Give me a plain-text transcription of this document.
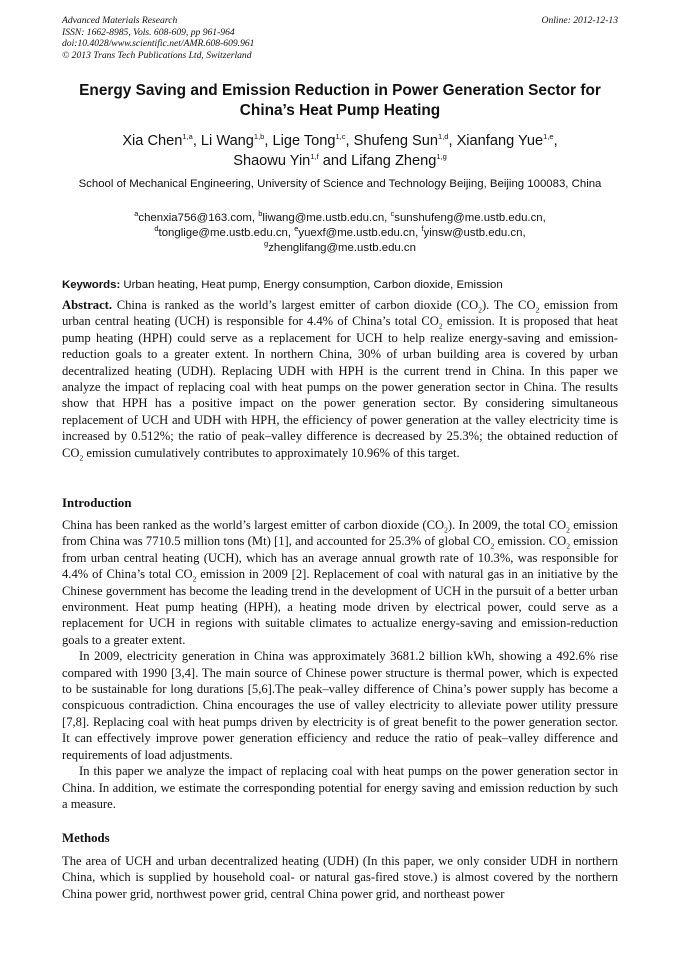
Advanced Materials Research
ISSN: 1662-8985, Vols. 608-609, pp 961-964
doi:10.4028/www.scientific.net/AMR.608-609.961
© 2013 Trans Tech Publications Ltd, Switzerland
Online: 2012-12-13
Energy Saving and Emission Reduction in Power Generation Sector for
China’s Heat Pump Heating
Xia Chen$^{1,a}$, Li Wang$^{1,b}$, Lige Tong$^{1,c}$, Shufeng Sun$^{1,d}$, Xianfang Yue$^{1,e}$,
Shaowu Yin$^{1,f}$ and Lifang Zheng$^{1,g}$
School of Mechanical Engineering, University of Science and Technology Beijing, Beijing 100083, China
$^a$chenxia756@163.com, $^b$liwang@me.ustb.edu.cn, $^c$sunshufeng@me.ustb.edu.cn,
$^d$tonglige@me.ustb.edu.cn, $^e$yuexf@me.ustb.edu.cn, $^f$yinsw@ustb.edu.cn,
$^g$zhenglifang@me.ustb.edu.cn
Keywords: Urban heating, Heat pump, Energy consumption, Carbon dioxide, Emission
Abstract. China is ranked as the world’s largest emitter of carbon dioxide $(CO_2)$. The $CO_2$ emission from urban central heating (UCH) is responsible for 4.4% of China’s total $CO_2$ emission. It is proposed that heat pump heating (HPH) could serve as a replacement for UCH to help realize energy-saving and emission-reduction goals to a greater extent. In northern China, 30% of urban building area is covered by urban decentralized heating (UDH). Replacing UDH with HPH is the current trend in China. In this paper we analyze the impact of replacing coal with heat pumps on the power generation sector in China. The results show that HPH has a positive impact on the power generation sector. By considering simultaneous replacement of UCH and UDH with HPH, the efficiency of power generation at the valley electricity time is increased by 0.512%; the ratio of peak–valley difference is decreased by 25.3%; the obtained reduction of $CO_2$ emission cumulatively contributes to approximately 10.96% of this target.
Introduction

China has been ranked as the world’s largest emitter of carbon dioxide $(CO_2)$. In 2009, the total $CO_2$ emission from China was 7710.5 million tons (Mt) [1], and accounted for 25.3% of global $CO_2$ emission. $CO_2$ emission from urban central heating (UCH), which has an average annual growth rate of 10.3%, was responsible for 4.4% of China’s total $CO_2$ emission in 2009 [2]. Replacement of coal with natural gas in an initiative by the Chinese government has become the leading trend in the development of UCH in the pursuit of a better urban environment. Heat pump heating (HPH), a heating mode driven by electrical power, could serve as a replacement for UCH in regions with suitable climates to actualize energy-saving and emission-reduction goals to a greater extent.

In 2009, electricity generation in China was approximately 3681.2 billion kWh, showing a 492.6% rise compared with 1990 [3,4]. The main source of Chinese power structure is thermal power, which is expected to be sustainable for long durations [5,6].The peak–valley difference of China’s power supply has become a conspicuous contradiction. China encourages the use of valley electricity to alleviate power utility pressure [7,8]. Replacing coal with heat pumps driven by electricity is of great benefit to the power generation sector. It can effectively improve power generation efficiency and reduce the ratio of peak–valley difference and requirements of load adjustments.

In this paper we analyze the impact of replacing coal with heat pumps on the power generation sector in China. In addition, we estimate the corresponding potential for energy saving and emission reduction by such a measure.

Methods
The area of UCH and urban decentralized heating (UDH) (In this paper, we only consider UDH in northern China, which is supplied by household coal- or natural gas-fired stove.) is almost covered by the northern China power grid, northwest power grid, central China power grid, and northeast power
